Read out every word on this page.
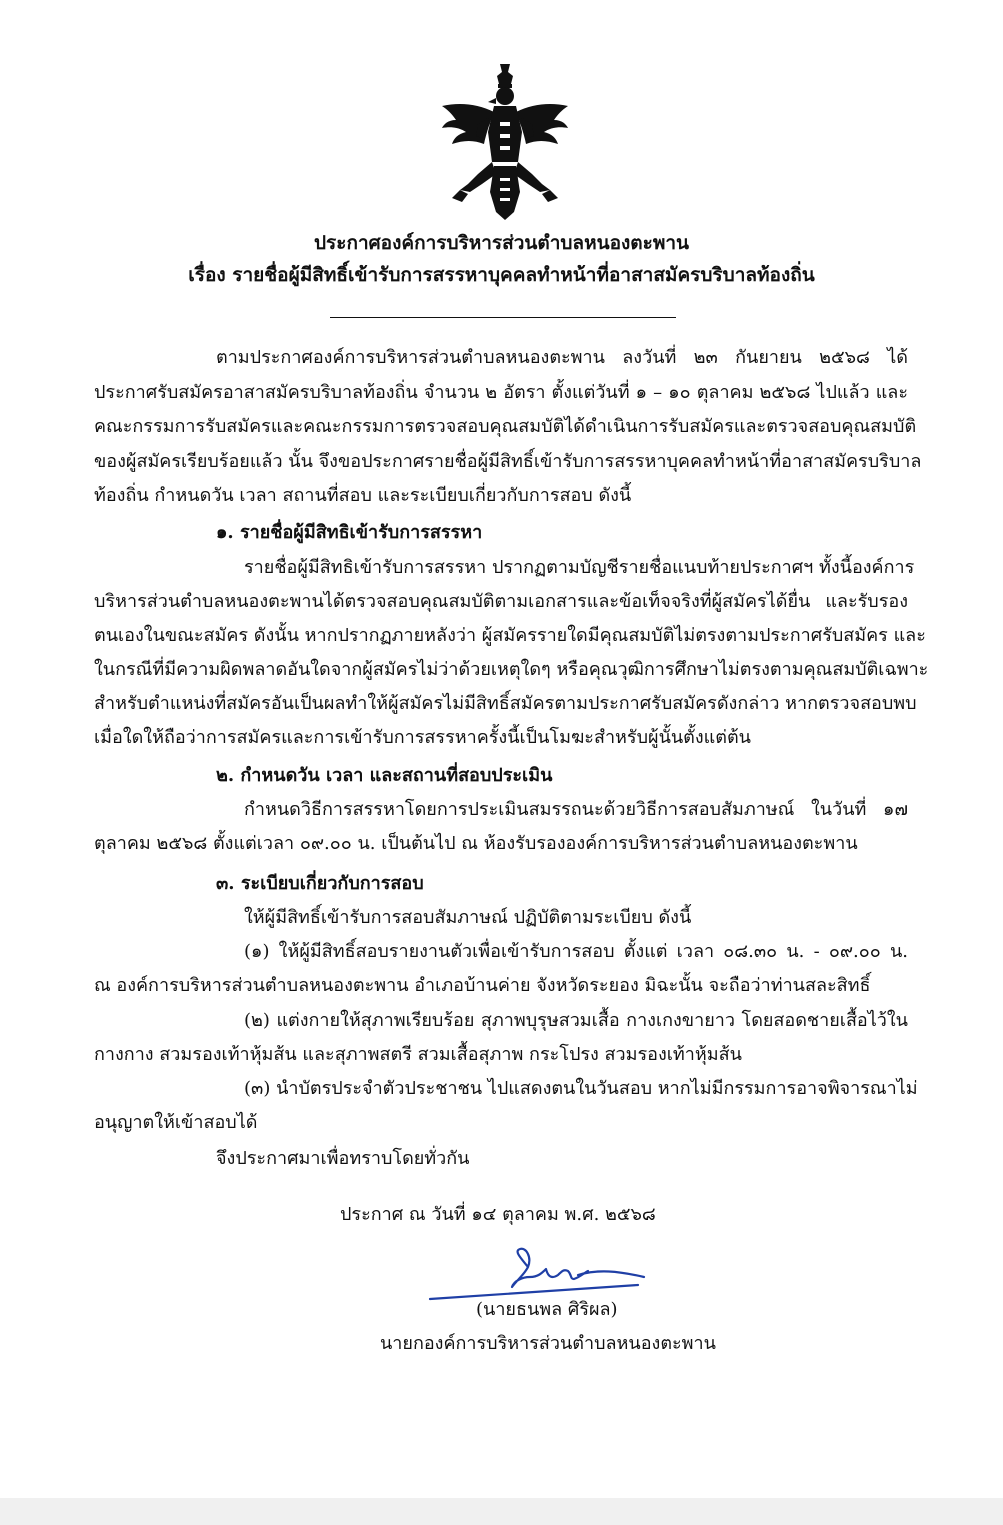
ประกาศองค์การบริหารส่วนตำบลหนองตะพาน
เรื่อง รายชื่อผู้มีสิทธิ์เข้ารับการสรรหาบุคคลทำหน้าที่อาสาสมัครบริบาลท้องถิ่น
ตามประกาศองค์การบริหารส่วนตำบลหนองตะพาน ลงวันที่ ๒๓ กันยายน ๒๕๖๘ ได้
ประกาศรับสมัครอาสาสมัครบริบาลท้องถิ่น จำนวน ๒ อัตรา ตั้งแต่วันที่ ๑ – ๑๐ ตุลาคม ๒๕๖๘ ไปแล้ว และ
คณะกรรมการรับสมัครและคณะกรรมการตรวจสอบคุณสมบัติได้ดำเนินการรับสมัครและตรวจสอบคุณสมบัติ
ของผู้สมัครเรียบร้อยแล้ว นั้น จึงขอประกาศรายชื่อผู้มีสิทธิ์เข้ารับการสรรหาบุคคลทำหน้าที่อาสาสมัครบริบาล
ท้องถิ่น กำหนดวัน เวลา สถานที่สอบ และระเบียบเกี่ยวกับการสอบ ดังนี้
๑. รายชื่อผู้มีสิทธิเข้ารับการสรรหา
รายชื่อผู้มีสิทธิเข้ารับการสรรหา ปรากฏตามบัญชีรายชื่อแนบท้ายประกาศฯ ทั้งนี้องค์การ
บริหารส่วนตำบลหนองตะพานได้ตรวจสอบคุณสมบัติตามเอกสารและข้อเท็จจริงที่ผู้สมัครได้ยื่น และรับรอง
ตนเองในขณะสมัคร ดังนั้น หากปรากฏภายหลังว่า ผู้สมัครรายใดมีคุณสมบัติไม่ตรงตามประกาศรับสมัคร และ
ในกรณีที่มีความผิดพลาดอันใดจากผู้สมัครไม่ว่าด้วยเหตุใดๆ หรือคุณวุฒิการศึกษาไม่ตรงตามคุณสมบัติเฉพาะ
สำหรับตำแหน่งที่สมัครอันเป็นผลทำให้ผู้สมัครไม่มีสิทธิ์สมัครตามประกาศรับสมัครดังกล่าว หากตรวจสอบพบ
เมื่อใดให้ถือว่าการสมัครและการเข้ารับการสรรหาครั้งนี้เป็นโมฆะสำหรับผู้นั้นตั้งแต่ต้น
๒. กำหนดวัน เวลา และสถานที่สอบประเมิน
กำหนดวิธีการสรรหาโดยการประเมินสมรรถนะด้วยวิธีการสอบสัมภาษณ์ ในวันที่ ๑๗
ตุลาคม ๒๕๖๘ ตั้งแต่เวลา ๐๙.๐๐ น. เป็นต้นไป ณ ห้องรับรององค์การบริหารส่วนตำบลหนองตะพาน
๓. ระเบียบเกี่ยวกับการสอบ
ให้ผู้มีสิทธิ์เข้ารับการสอบสัมภาษณ์ ปฏิบัติตามระเบียบ ดังนี้
(๑) ให้ผู้มีสิทธิ์สอบรายงานตัวเพื่อเข้ารับการสอบ ตั้งแต่ เวลา ๐๘.๓๐ น. - ๐๙.๐๐ น.
ณ องค์การบริหารส่วนตำบลหนองตะพาน อำเภอบ้านค่าย จังหวัดระยอง มิฉะนั้น จะถือว่าท่านสละสิทธิ์
(๒) แต่งกายให้สุภาพเรียบร้อย สุภาพบุรุษสวมเสื้อ กางเกงขายาว โดยสอดชายเสื้อไว้ใน
กางกาง สวมรองเท้าหุ้มส้น และสุภาพสตรี สวมเสื้อสุภาพ กระโปรง สวมรองเท้าหุ้มส้น
(๓) นำบัตรประจำตัวประชาชน ไปแสดงตนในวันสอบ หากไม่มีกรรมการอาจพิจารณาไม่
อนุญาตให้เข้าสอบได้
จึงประกาศมาเพื่อทราบโดยทั่วกัน
ประกาศ ณ วันที่ ๑๔ ตุลาคม พ.ศ. ๒๕๖๘
(นายธนพล ศิริผล)
นายกองค์การบริหารส่วนตำบลหนองตะพาน
